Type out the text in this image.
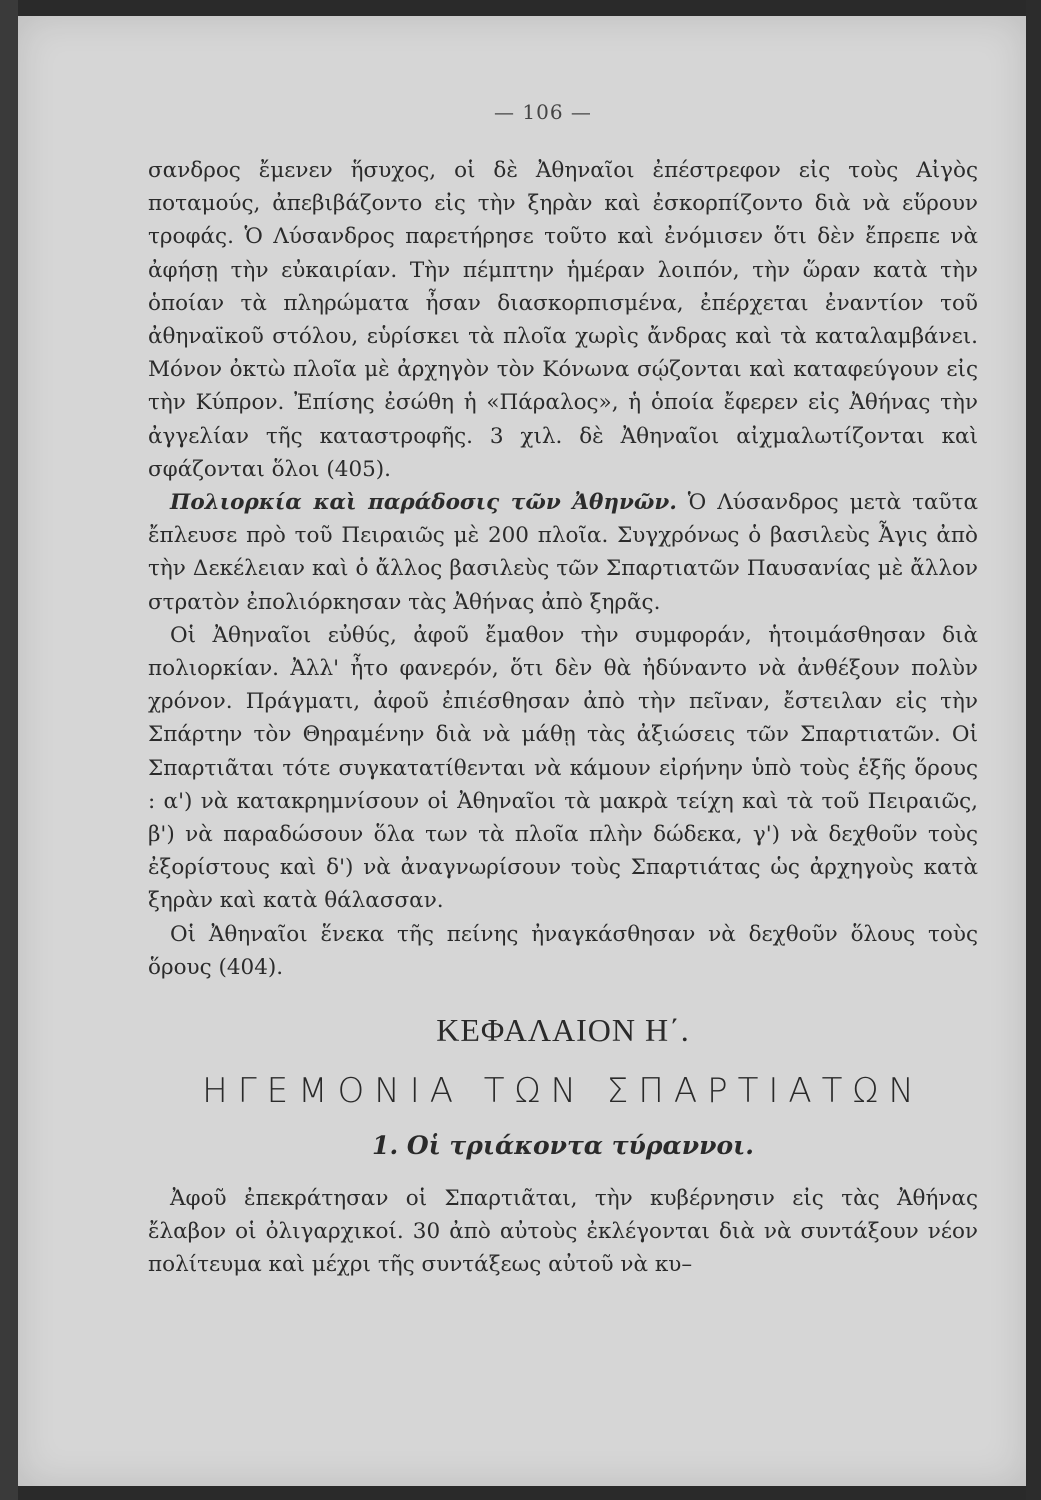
— 106 —

σανδρος ἔμενεν ἥσυχος, οἱ δὲ Ἀθηναῖοι ἐπέστρεφον εἰς τοὺς Αἰγὸς ποταμούς, ἀπεβιβάζοντο εἰς τὴν ξηρὰν καὶ ἐσκορπίζοντο διὰ νὰ εὕρουν τροφάς. Ὁ Λύσανδρος παρετήρησε τοῦτο καὶ ἐνόμισεν ὅτι δὲν ἔπρεπε νὰ ἀφήσῃ τὴν εὐκαιρίαν. Τὴν πέμπτην ἡμέραν λοιπόν, τὴν ὥραν κατὰ τὴν ὁποίαν τὰ πληρώματα ἦσαν διασκορπισμένα, ἐπέρχεται ἐναντίον τοῦ ἀθηναϊκοῦ στόλου, εὑρίσκει τὰ πλοῖα χωρὶς ἄνδρας καὶ τὰ καταλαμβάνει. Μόνον ὀκτὼ πλοῖα μὲ ἀρχηγὸν τὸν Κόνωνα σῴζονται καὶ καταφεύγουν εἰς τὴν Κύπρον. Ἐπίσης ἐσώθη ἡ «Πάραλος», ἡ ὁποία ἔφερεν εἰς Ἀθήνας τὴν ἀγγελίαν τῆς καταστροφῆς. 3 χιλ. δὲ Ἀθηναῖοι αἰχμαλωτίζονται καὶ σφάζονται ὅλοι (405).

Πολιορκία καὶ παράδοσις τῶν Ἀθηνῶν. Ὁ Λύσανδρος μετὰ ταῦτα ἔπλευσε πρὸ τοῦ Πειραιῶς μὲ 200 πλοῖα. Συγχρόνως ὁ βασιλεὺς Ἆγις ἀπὸ τὴν Δεκέλειαν καὶ ὁ ἄλλος βασιλεὺς τῶν Σπαρτιατῶν Παυσανίας μὲ ἄλλον στρατὸν ἐπολιόρκησαν τὰς Ἀθήνας ἀπὸ ξηρᾶς.

Οἱ Ἀθηναῖοι εὐθύς, ἀφοῦ ἔμαθον τὴν συμφοράν, ἡτοιμάσθησαν διὰ πολιορκίαν. Ἀλλ' ἦτο φανερόν, ὅτι δὲν θὰ ἠδύναντο νὰ ἀνθέξουν πολὺν χρόνον. Πράγματι, ἀφοῦ ἐπιέσθησαν ἀπὸ τὴν πεῖναν, ἔστειλαν εἰς τὴν Σπάρτην τὸν Θηραμένην διὰ νὰ μάθῃ τὰς ἀξιώσεις τῶν Σπαρτιατῶν. Οἱ Σπαρτιᾶται τότε συγκατατίθενται νὰ κάμουν εἰρήνην ὑπὸ τοὺς ἑξῆς ὅρους : α') νὰ κατακρημνίσουν οἱ Ἀθηναῖοι τὰ μακρὰ τείχη καὶ τὰ τοῦ Πειραιῶς, β') νὰ παραδώσουν ὅλα των τὰ πλοῖα πλὴν δώδεκα, γ') νὰ δεχθοῦν τοὺς ἐξορίστους καὶ δ') νὰ ἀναγνωρίσουν τοὺς Σπαρτιάτας ὡς ἀρχηγοὺς κατὰ ξηρὰν καὶ κατὰ θάλασσαν.

Οἱ Ἀθηναῖοι ἕνεκα τῆς πείνης ἠναγκάσθησαν νὰ δεχθοῦν ὅλους τοὺς ὅρους (404).

ΚΕΦΑΛΑΙΟΝ Η΄.
ΗΓΕΜΟΝΙΑ ΤΩΝ ΣΠΑΡΤΙΑΤΩΝ
1. Οἱ τριάκοντα τύραννοι.

Ἀφοῦ ἐπεκράτησαν οἱ Σπαρτιᾶται, τὴν κυβέρνησιν εἰς τὰς Ἀθήνας ἔλαβον οἱ ὀλιγαρχικοί. 30 ἀπὸ αὐτοὺς ἐκλέγονται διὰ νὰ συντάξουν νέον πολίτευμα καὶ μέχρι τῆς συντάξεως αὐτοῦ νὰ κυ–
